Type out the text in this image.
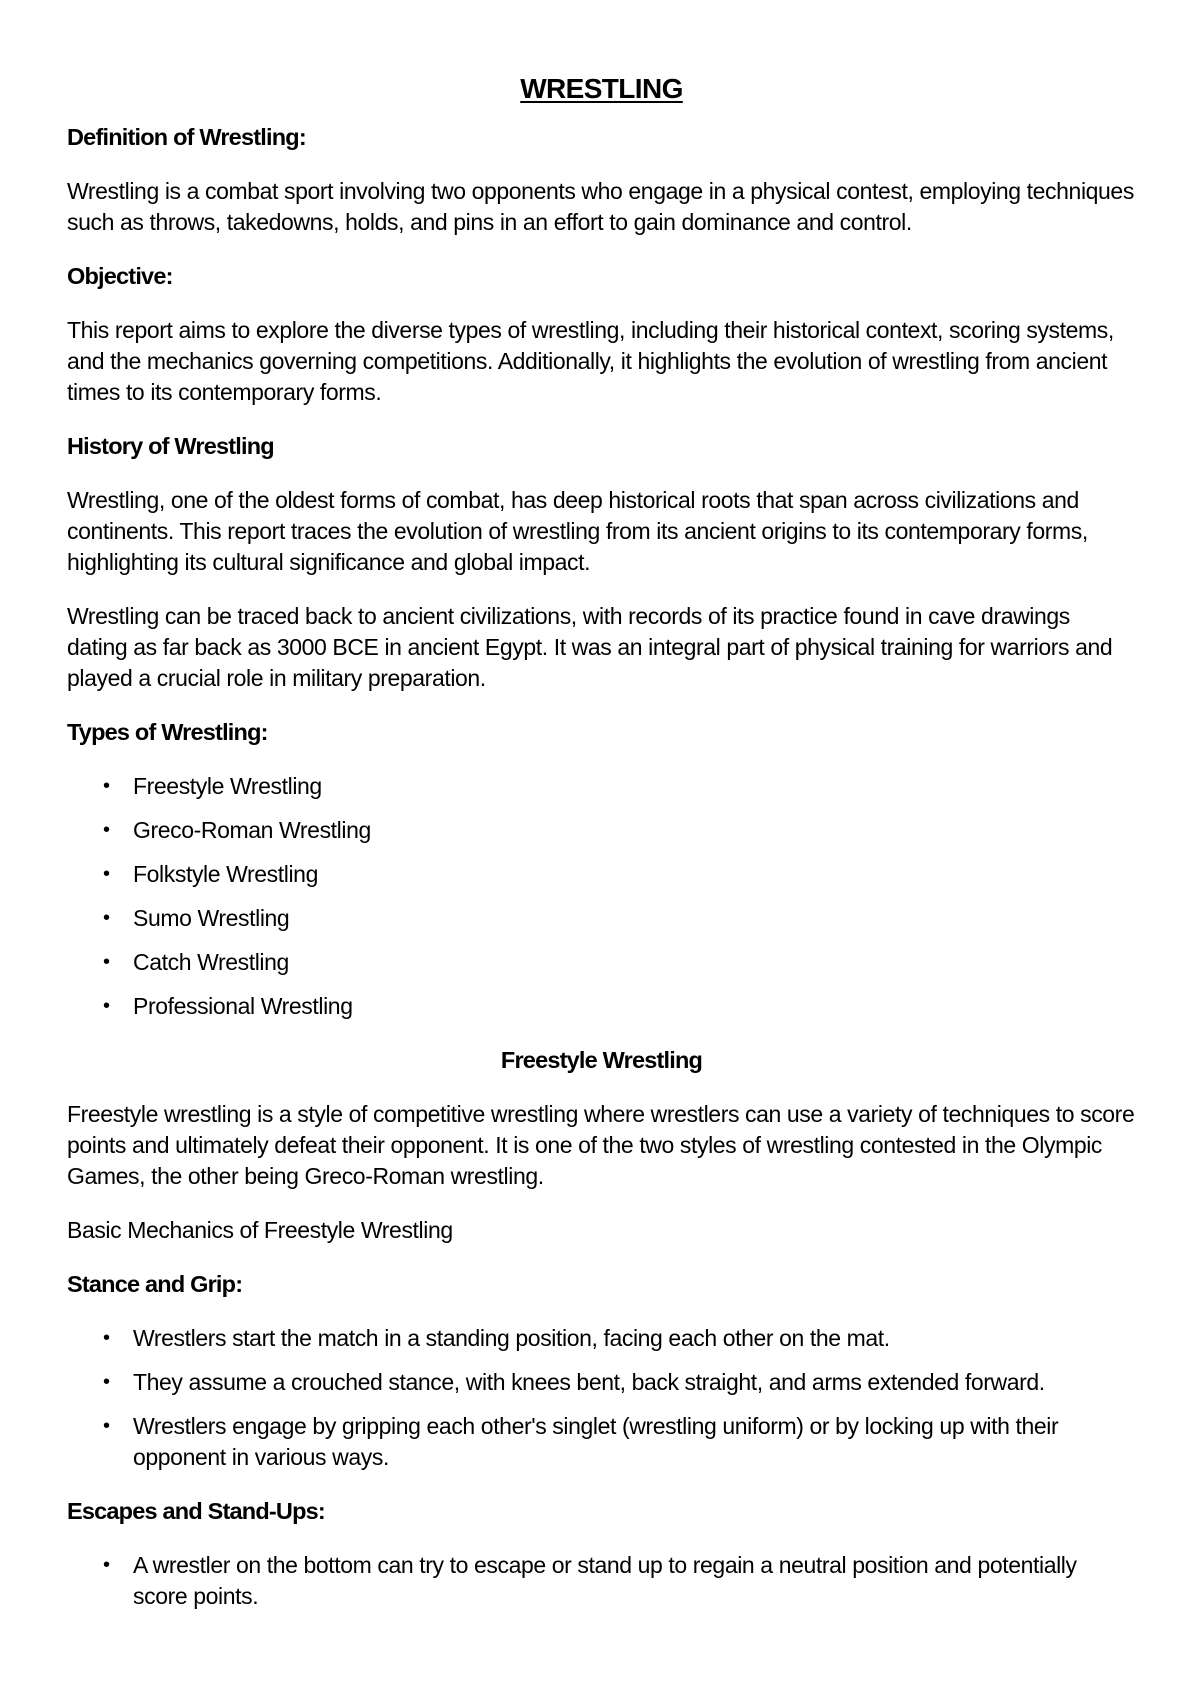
WRESTLING
Definition of Wrestling:

Wrestling is a combat sport involving two opponents who engage in a physical contest, employing techniques such as throws, takedowns, holds, and pins in an effort to gain dominance and control.

Objective:

This report aims to explore the diverse types of wrestling, including their historical context, scoring systems, and the mechanics governing competitions. Additionally, it highlights the evolution of wrestling from ancient times to its contemporary forms.

History of Wrestling

Wrestling, one of the oldest forms of combat, has deep historical roots that span across civilizations and continents. This report traces the evolution of wrestling from its ancient origins to its contemporary forms, highlighting its cultural significance and global impact.

Wrestling can be traced back to ancient civilizations, with records of its practice found in cave drawings dating as far back as 3000 BCE in ancient Egypt. It was an integral part of physical training for warriors and played a crucial role in military preparation.

Types of Wrestling:
• Freestyle Wrestling
• Greco-Roman Wrestling
• Folkstyle Wrestling
• Sumo Wrestling
• Catch Wrestling
• Professional Wrestling
Freestyle Wrestling

Freestyle wrestling is a style of competitive wrestling where wrestlers can use a variety of techniques to score points and ultimately defeat their opponent. It is one of the two styles of wrestling contested in the Olympic Games, the other being Greco-Roman wrestling.

Basic Mechanics of Freestyle Wrestling

Stance and Grip:
• Wrestlers start the match in a standing position, facing each other on the mat.
• They assume a crouched stance, with knees bent, back straight, and arms extended forward.
• Wrestlers engage by gripping each other's singlet (wrestling uniform) or by locking up with their opponent in various ways.
Escapes and Stand-Ups:
• A wrestler on the bottom can try to escape or stand up to regain a neutral position and potentially score points.
